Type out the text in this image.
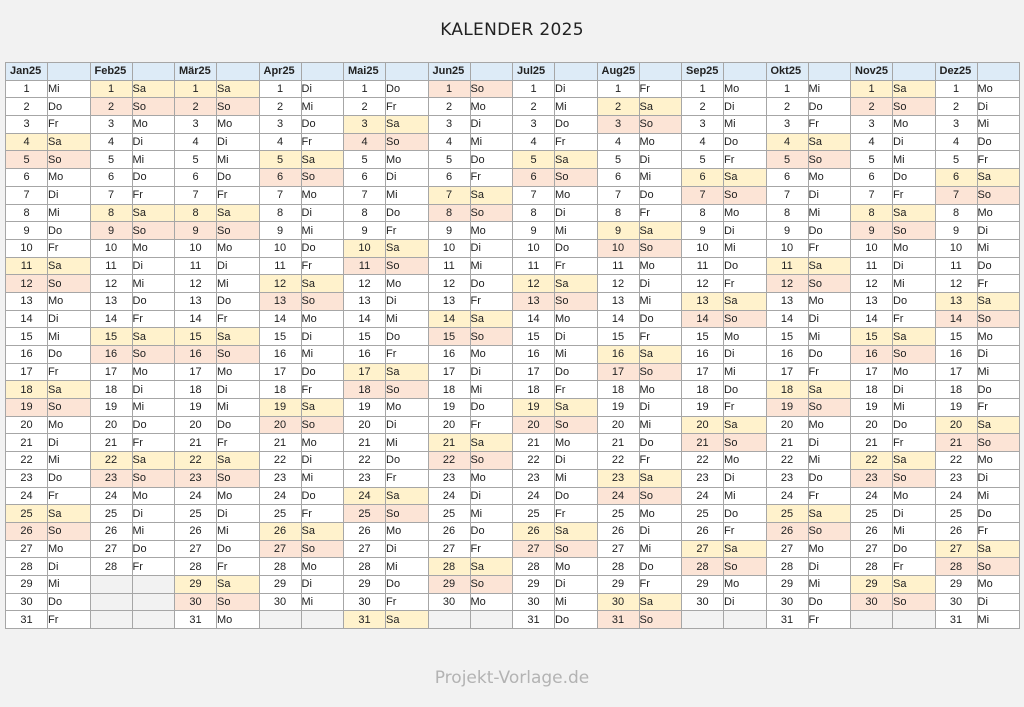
KALENDER 2025
Jan25		Feb25		Mär25		Apr25		Mai25		Jun25		Jul25		Aug25		Sep25		Okt25		Nov25		Dez25	
1	Mi	1	Sa	1	Sa	1	Di	1	Do	1	So	1	Di	1	Fr	1	Mo	1	Mi	1	Sa	1	Mo
2	Do	2	So	2	So	2	Mi	2	Fr	2	Mo	2	Mi	2	Sa	2	Di	2	Do	2	So	2	Di
3	Fr	3	Mo	3	Mo	3	Do	3	Sa	3	Di	3	Do	3	So	3	Mi	3	Fr	3	Mo	3	Mi
4	Sa	4	Di	4	Di	4	Fr	4	So	4	Mi	4	Fr	4	Mo	4	Do	4	Sa	4	Di	4	Do
5	So	5	Mi	5	Mi	5	Sa	5	Mo	5	Do	5	Sa	5	Di	5	Fr	5	So	5	Mi	5	Fr
6	Mo	6	Do	6	Do	6	So	6	Di	6	Fr	6	So	6	Mi	6	Sa	6	Mo	6	Do	6	Sa
7	Di	7	Fr	7	Fr	7	Mo	7	Mi	7	Sa	7	Mo	7	Do	7	So	7	Di	7	Fr	7	So
8	Mi	8	Sa	8	Sa	8	Di	8	Do	8	So	8	Di	8	Fr	8	Mo	8	Mi	8	Sa	8	Mo
9	Do	9	So	9	So	9	Mi	9	Fr	9	Mo	9	Mi	9	Sa	9	Di	9	Do	9	So	9	Di
10	Fr	10	Mo	10	Mo	10	Do	10	Sa	10	Di	10	Do	10	So	10	Mi	10	Fr	10	Mo	10	Mi
11	Sa	11	Di	11	Di	11	Fr	11	So	11	Mi	11	Fr	11	Mo	11	Do	11	Sa	11	Di	11	Do
12	So	12	Mi	12	Mi	12	Sa	12	Mo	12	Do	12	Sa	12	Di	12	Fr	12	So	12	Mi	12	Fr
13	Mo	13	Do	13	Do	13	So	13	Di	13	Fr	13	So	13	Mi	13	Sa	13	Mo	13	Do	13	Sa
14	Di	14	Fr	14	Fr	14	Mo	14	Mi	14	Sa	14	Mo	14	Do	14	So	14	Di	14	Fr	14	So
15	Mi	15	Sa	15	Sa	15	Di	15	Do	15	So	15	Di	15	Fr	15	Mo	15	Mi	15	Sa	15	Mo
16	Do	16	So	16	So	16	Mi	16	Fr	16	Mo	16	Mi	16	Sa	16	Di	16	Do	16	So	16	Di
17	Fr	17	Mo	17	Mo	17	Do	17	Sa	17	Di	17	Do	17	So	17	Mi	17	Fr	17	Mo	17	Mi
18	Sa	18	Di	18	Di	18	Fr	18	So	18	Mi	18	Fr	18	Mo	18	Do	18	Sa	18	Di	18	Do
19	So	19	Mi	19	Mi	19	Sa	19	Mo	19	Do	19	Sa	19	Di	19	Fr	19	So	19	Mi	19	Fr
20	Mo	20	Do	20	Do	20	So	20	Di	20	Fr	20	So	20	Mi	20	Sa	20	Mo	20	Do	20	Sa
21	Di	21	Fr	21	Fr	21	Mo	21	Mi	21	Sa	21	Mo	21	Do	21	So	21	Di	21	Fr	21	So
22	Mi	22	Sa	22	Sa	22	Di	22	Do	22	So	22	Di	22	Fr	22	Mo	22	Mi	22	Sa	22	Mo
23	Do	23	So	23	So	23	Mi	23	Fr	23	Mo	23	Mi	23	Sa	23	Di	23	Do	23	So	23	Di
24	Fr	24	Mo	24	Mo	24	Do	24	Sa	24	Di	24	Do	24	So	24	Mi	24	Fr	24	Mo	24	Mi
25	Sa	25	Di	25	Di	25	Fr	25	So	25	Mi	25	Fr	25	Mo	25	Do	25	Sa	25	Di	25	Do
26	So	26	Mi	26	Mi	26	Sa	26	Mo	26	Do	26	Sa	26	Di	26	Fr	26	So	26	Mi	26	Fr
27	Mo	27	Do	27	Do	27	So	27	Di	27	Fr	27	So	27	Mi	27	Sa	27	Mo	27	Do	27	Sa
28	Di	28	Fr	28	Fr	28	Mo	28	Mi	28	Sa	28	Mo	28	Do	28	So	28	Di	28	Fr	28	So
29	Mi			29	Sa	29	Di	29	Do	29	So	29	Di	29	Fr	29	Mo	29	Mi	29	Sa	29	Mo
30	Do			30	So	30	Mi	30	Fr	30	Mo	30	Mi	30	Sa	30	Di	30	Do	30	So	30	Di
31	Fr			31	Mo			31	Sa			31	Do	31	So			31	Fr			31	Mi
Projekt-Vorlage.de
